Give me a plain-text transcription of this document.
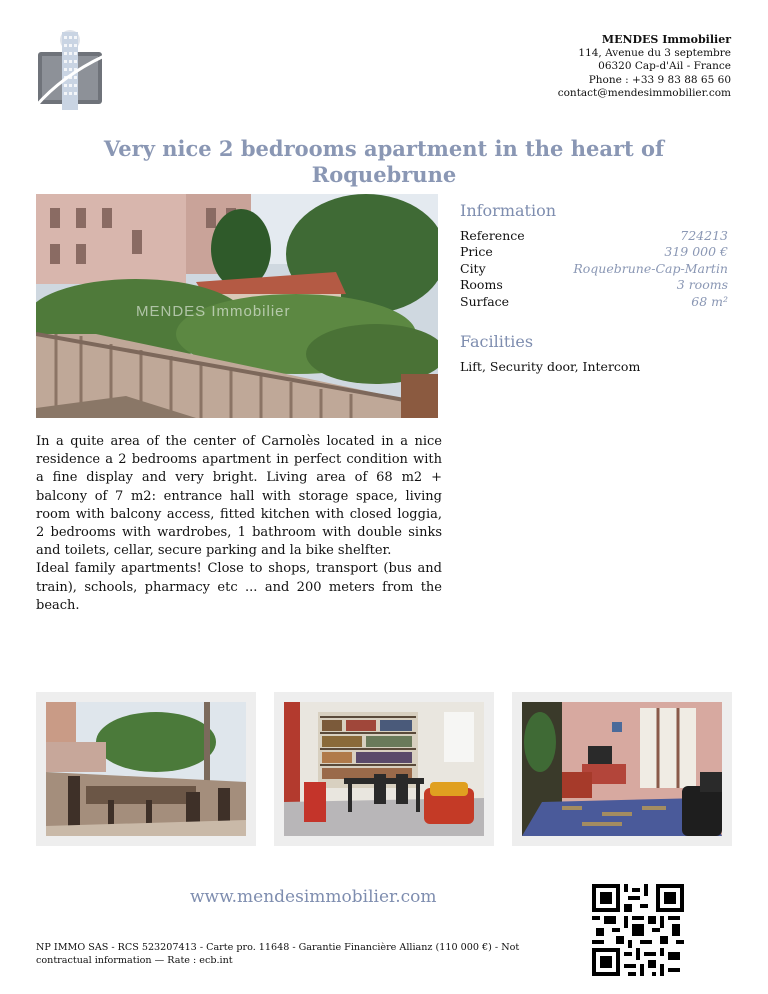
MENDES Immobilier
114, Avenue du 3 septembre
06320 Cap-d'Ail - France
Phone : +33 9 83 88 65 60
contact@mendesimmobilier.com
Very nice 2 bedrooms apartment in the heart of Roquebrune
MENDES Immobilier
Information
Reference	724213
Price	319 000 €
City	Roquebrune-Cap-Martin
Rooms	3 rooms
Surface	68 m²
Facilities
Lift, Security door, Intercom

In a quite area of the center of Carnolès located in a nice residence a 2 bedrooms apartment in perfect condition with a fine display and very bright. Living area of 68 m2 + balcony of 7 m2: entrance hall with storage space, living room with balcony access, fitted kitchen with closed loggia, 2 bedrooms with wardrobes, 1 bathroom with double sinks and toilets, cellar, secure parking and la bike shelfter.

Ideal family apartments! Close to shops, transport (bus and train), schools, pharmacy etc ... and 200 meters from the beach.

www.mendesimmobilier.com
NP IMMO SAS - RCS 523207413 - Carte pro. 11648 - Garantie Financière Allianz (110 000 €) - Not contractual information — Rate : ecb.int
